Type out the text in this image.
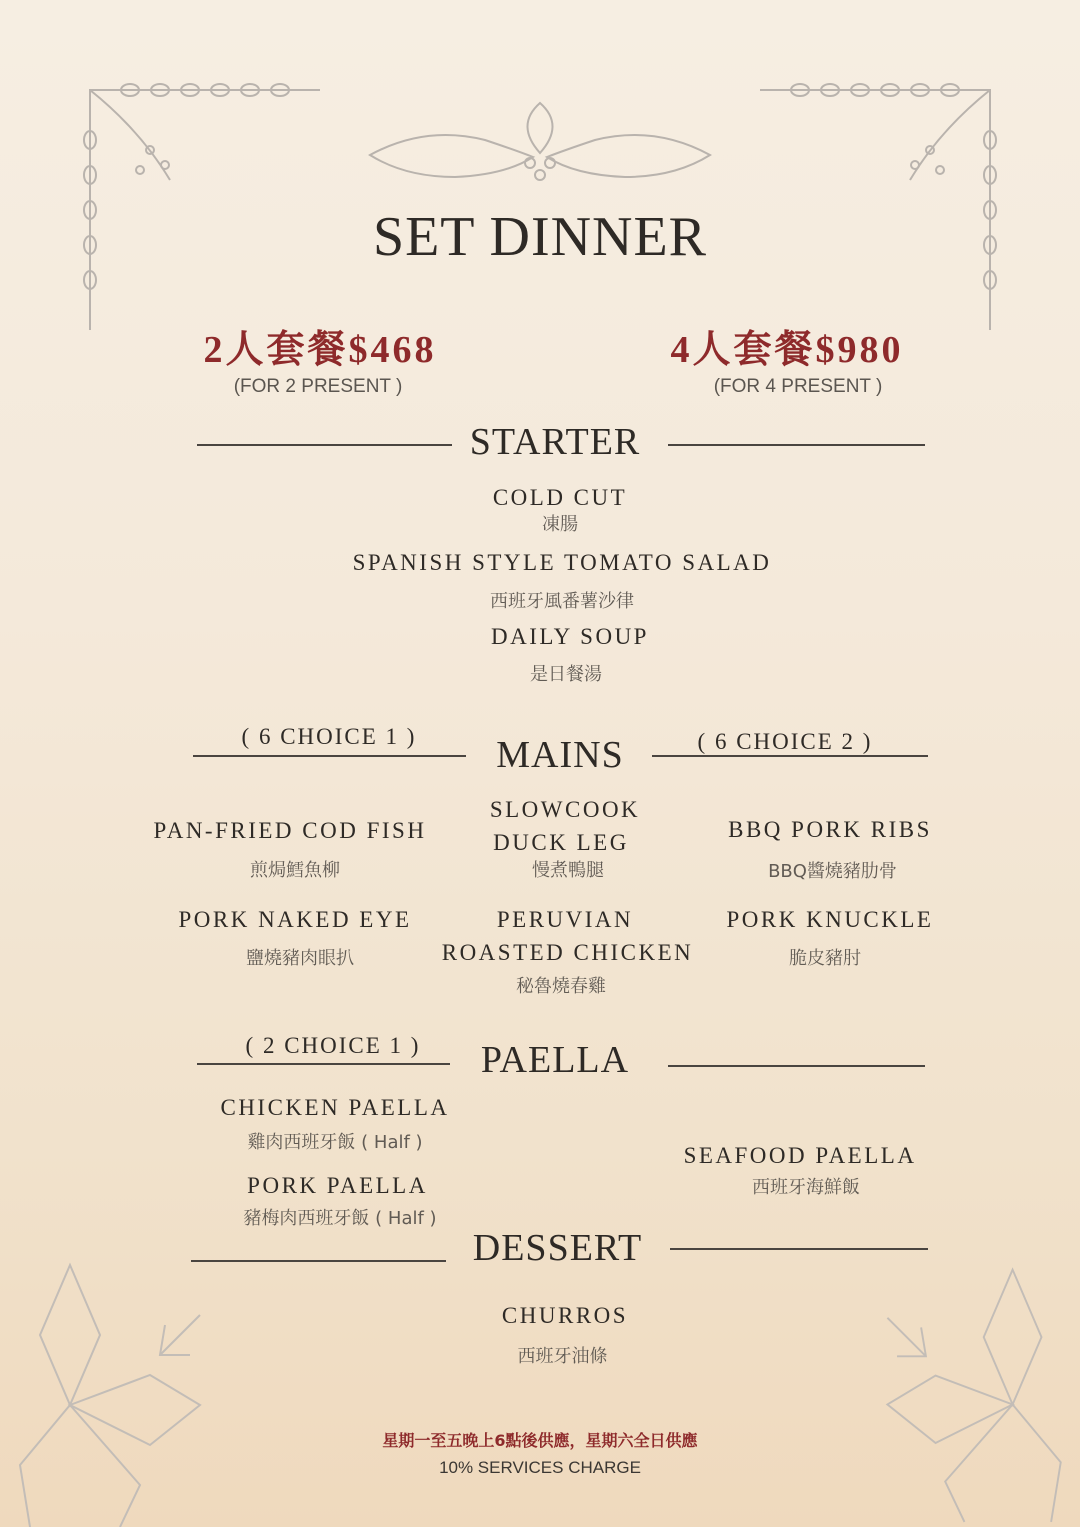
SET DINNER
2人套餐$468
(FOR 2 PRESENT )
4人套餐$980
(FOR 4 PRESENT )
STARTER
COLD CUT
凍腸
SPANISH STYLE TOMATO SALAD
西班牙風番薯沙律
DAILY SOUP
是日餐湯
( 6 CHOICE 1 )	MAINS	( 6 CHOICE 2 )
PAN-FRIED COD FISH
煎焗鱈魚柳
SLOWCOOK
DUCK LEG
慢煮鴨腿
BBQ PORK RIBS
BBQ醬燒豬肋骨
PORK NAKED EYE
鹽燒豬肉眼扒
PERUVIAN
ROASTED CHICKEN
秘魯燒春雞
PORK KNUCKLE
脆皮豬肘
( 2 CHOICE 1 )	PAELLA
CHICKEN PAELLA
雞肉西班牙飯 ( Half )
PORK PAELLA
豬梅肉西班牙飯 ( Half )
SEAFOOD PAELLA
西班牙海鮮飯
DESSERT
CHURROS
西班牙油條
星期一至五晚上6點後供應，星期六全日供應
10% SERVICES CHARGE
